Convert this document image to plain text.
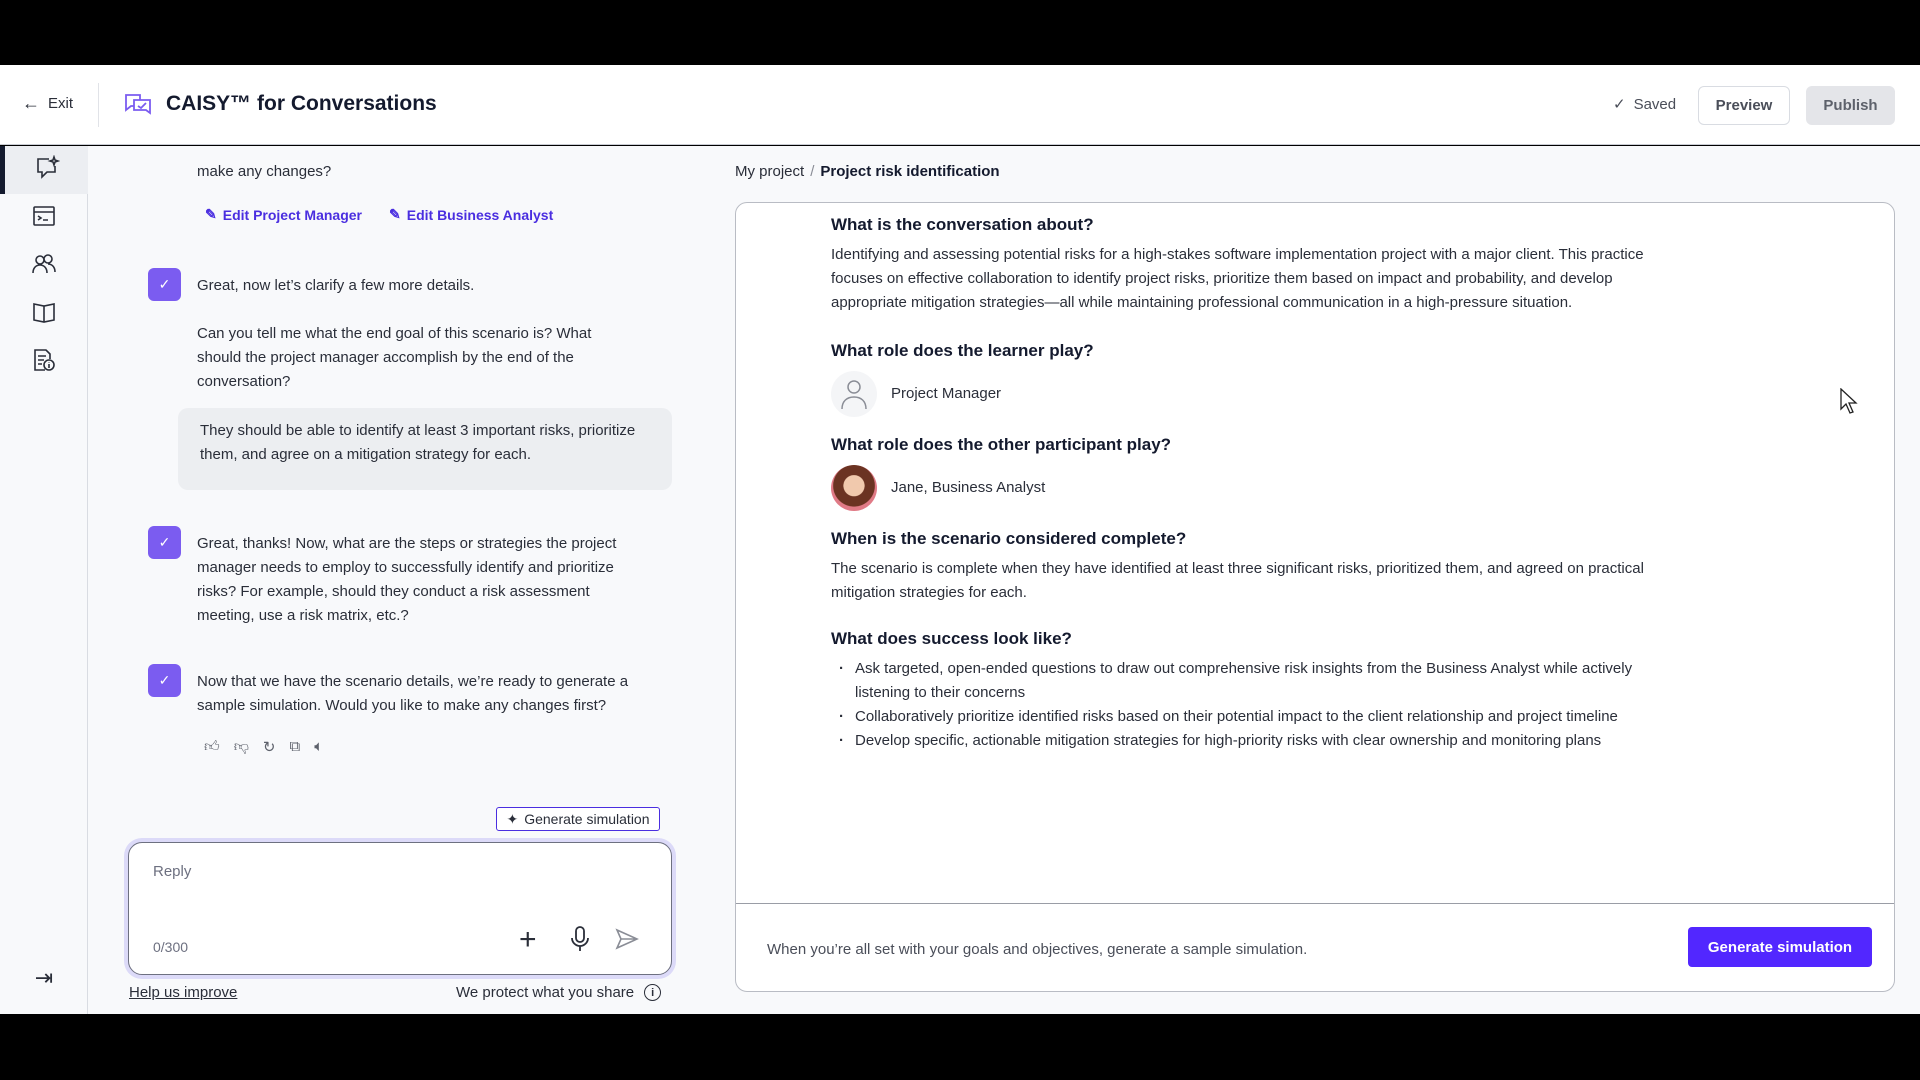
← Exit	CAISY™ for Conversations	✓ Saved	Preview	Publish
⇥
make any changes?
✎ Edit Project Manager ✎ Edit Business Analyst
✓ Great, now let’s clarify a few more details.
Can you tell me what the end goal of this scenario is? What should the project manager accomplish by the end of the conversation?
They should be able to identify at least 3 important risks, prioritize them, and agree on a mitigation strategy for each.
✓ Great, thanks! Now, what are the steps or strategies the project manager needs to employ to successfully identify and prioritize risks? For example, should they conduct a risk assessment meeting, use a risk matrix, etc.?
✓ Now that we have the scenario details, we’re ready to generate a sample simulation. Would you like to make any changes first?
👍︎ 👎︎ ↻ ⧉ 🔈︎
✦ Generate simulation
Reply
0/300	+
Help us improve	We protect what you share	i
My project / Project risk identification
What is the conversation about?
Identifying and assessing potential risks for a high-stakes software implementation project with a major client. This practice focuses on effective collaboration to identify project risks, prioritize them based on impact and probability, and develop appropriate mitigation strategies—all while maintaining professional communication in a high-pressure situation.
What role does the learner play?
Project Manager
What role does the other participant play?
Jane, Business Analyst
When is the scenario considered complete?
The scenario is complete when they have identified at least three significant risks, prioritized them, and agreed on practical mitigation strategies for each.
What does success look like?
· Ask targeted, open-ended questions to draw out comprehensive risk insights from the Business Analyst while actively listening to their concerns
· Collaboratively prioritize identified risks based on their potential impact to the client relationship and project timeline
· Develop specific, actionable mitigation strategies for high-priority risks with clear ownership and monitoring plans
When you’re all set with your goals and objectives, generate a sample simulation.	Generate simulation
